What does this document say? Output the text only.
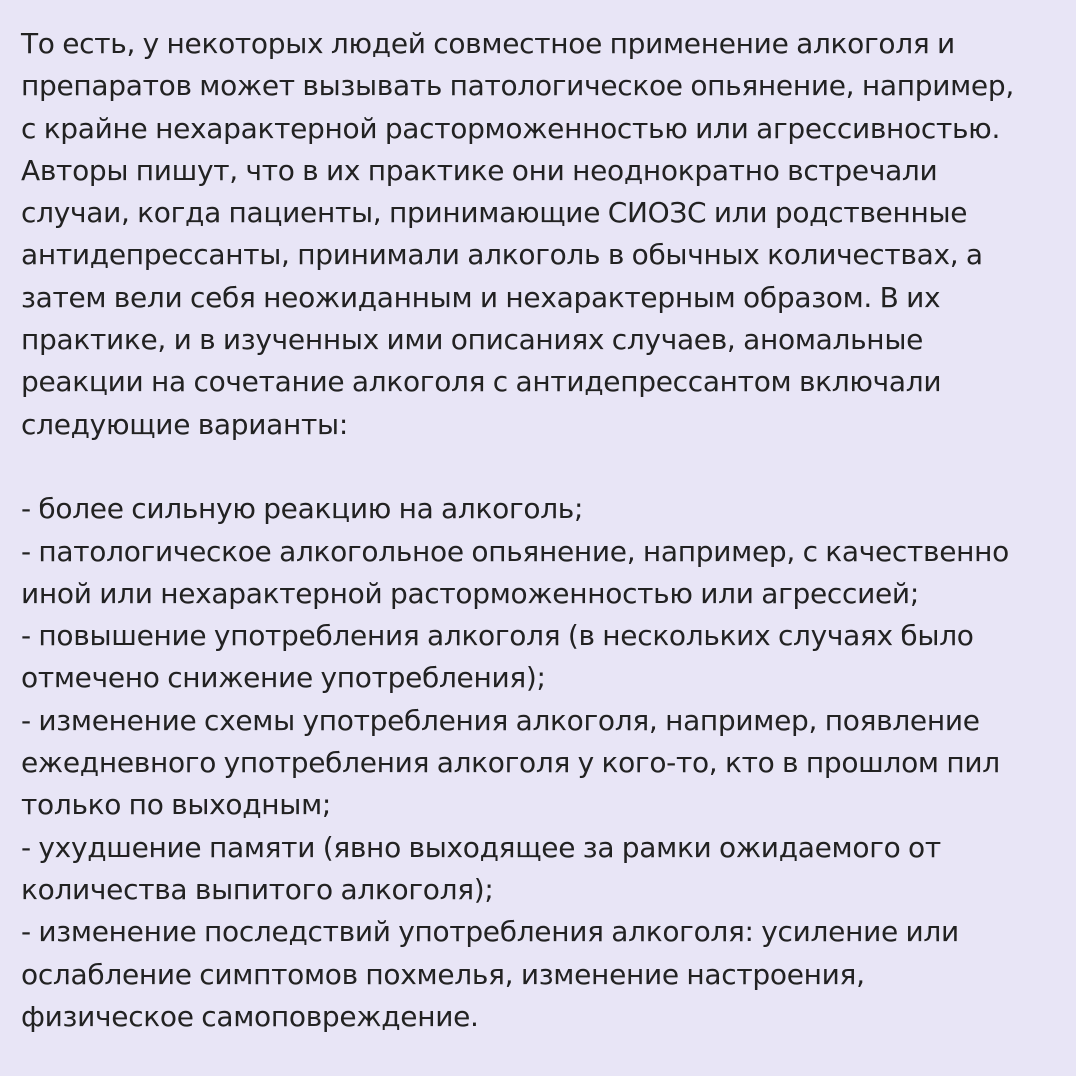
То есть, у некоторых людей совместное применение алкоголя и
препаратов может вызывать патологическое опьянение, например,
с крайне нехарактерной расторможенностью или агрессивностью.
Авторы пишут, что в их практике они неоднократно встречали
случаи, когда пациенты, принимающие СИОЗС или родственные
антидепрессанты, принимали алкоголь в обычных количествах, а
затем вели себя неожиданным и нехарактерным образом. В их
практике, и в изученных ими описаниях случаев, аномальные
реакции на сочетание алкоголя с антидепрессантом включали
следующие варианты:
- более сильную реакцию на алкоголь;
- патологическое алкогольное опьянение, например, с качественно
иной или нехарактерной расторможенностью или агрессией;
- повышение употребления алкоголя (в нескольких случаях было
отмечено снижение употребления);
- изменение схемы употребления алкоголя, например, появление
ежедневного употребления алкоголя у кого-то, кто в прошлом пил
только по выходным;
- ухудшение памяти (явно выходящее за рамки ожидаемого от
количества выпитого алкоголя);
- изменение последствий употребления алкоголя: усиление или
ослабление симптомов похмелья, изменение настроения,
физическое самоповреждение.
